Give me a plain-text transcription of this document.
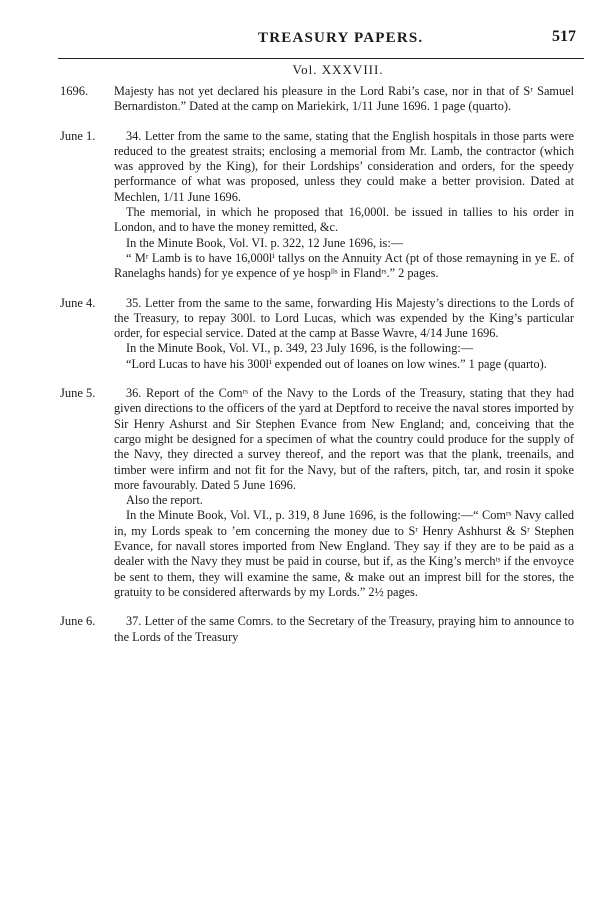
TREASURY PAPERS.	517
Vol. XXXVIII.
1696. Majesty has not yet declared his pleasure in the Lord Rabi’s case, nor in that of Sʳ Samuel Bernardiston.” Dated at the camp on Mariekirk, 1/11 June 1696. 1 page (quarto).

June 1.	34. Letter from the same to the same, stating that the English hospitals in those parts were reduced to the greatest straits; enclosing a memorial from Mr. Lamb, the contractor (which was approved by the King), for their Lordships’ consideration and orders, for the speedy performance of what was proposed, unless they could make a better provision. Dated at Mechlen, 1/11 June 1696.

The memorial, in which he proposed that 16,000l. be issued in tallies to his order in London, and to have the money remitted, &c.

In the Minute Book, Vol. VI. p. 322, 12 June 1696, is:—

“ Mʳ Lamb is to have 16,000lⁱ tallys on the Annuity Act (pt of those remayning in ye E. of Ranelaghs hands) for ye expence of ye hospˡˡˢ in Flandʳˢ.” 2 pages.

June 4.	35. Letter from the same to the same, forwarding His Majesty’s directions to the Lords of the Treasury, to repay 300l. to Lord Lucas, which was expended by the King’s particular order, for especial service. Dated at the camp at Basse Wavre, 4/14 June 1696.

In the Minute Book, Vol. VI., p. 349, 23 July 1696, is the following:—

“Lord Lucas to have his 300lⁱ expended out of loanes on low wines.” 1 page (quarto).

June 5.	36. Report of the Comʳˢ of the Navy to the Lords of the Treasury, stating that they had given directions to the officers of the yard at Deptford to receive the naval stores imported by Sir Henry Ashurst and Sir Stephen Evance from New England; and, conceiving that the cargo might be designed for a specimen of what the country could produce for the supply of the Navy, they directed a survey thereof, and the report was that the plank, treenails, and timber were infirm and not fit for the Navy, but of the rafters, pitch, tar, and rosin it spoke more favourably. Dated 5 June 1696.

Also the report.

In the Minute Book, Vol. VI., p. 319, 8 June 1696, is the following:—“ Comʳˢ Navy called in, my Lords speak to ’em concerning the money due to Sʳ Henry Ashhurst & Sʳ Stephen Evance, for navall stores imported from New England. They say if they are to be paid as a dealer with the Navy they must be paid in course, but if, as the King’s merchᵗˢ if the envoyce be sent to them, they will examine the same, & make out an imprest bill for the stores, the gratuity to be considered afterwards by my Lords.” 2½ pages.

June 6.	37. Letter of the same Comrs. to the Secretary of the Treasury, praying him to announce to the Lords of the Treasury
